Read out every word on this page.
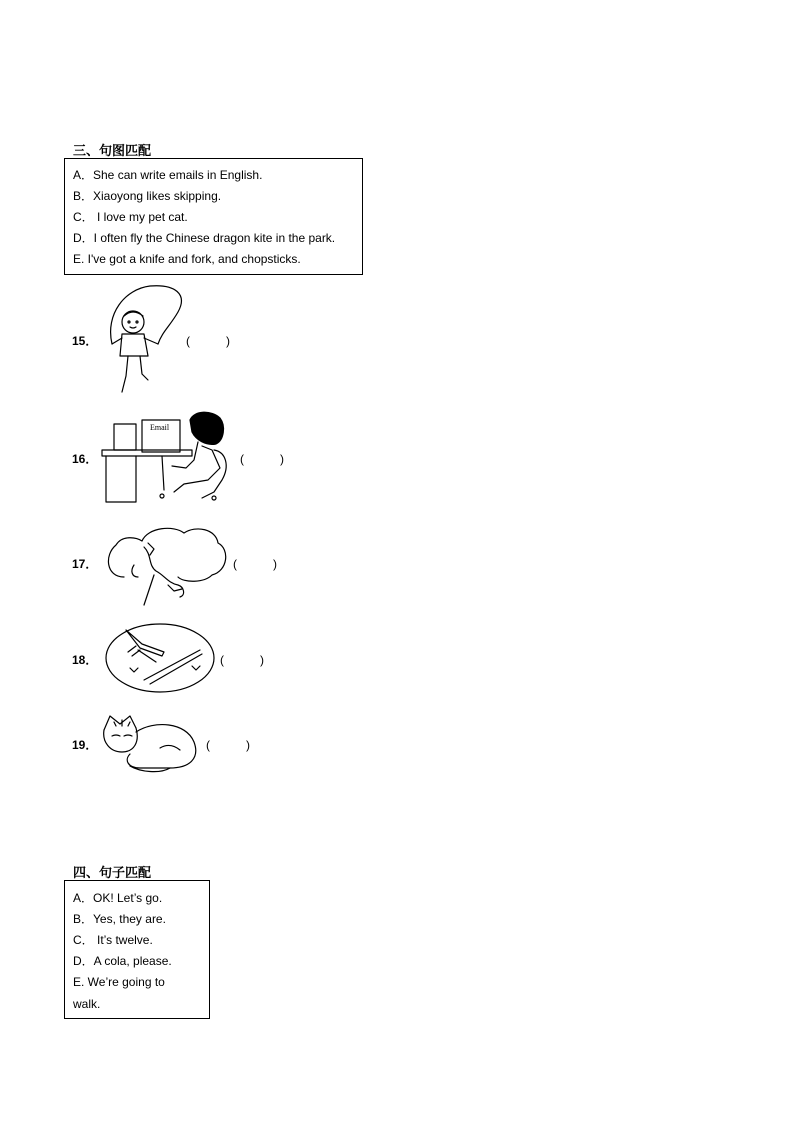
三、句图匹配
A．She can write emails in English.
B．Xiaoyong likes skipping.
C． I love my pet cat.
D．I often fly the Chinese dragon kite in the park.
E. I've got a knife and fork, and chopsticks.
15．	(　　　)
16．
Email
(　　　)
17．	(　　　)
18．	(　　　)
19．	(　　　)
四、句子匹配
A．OK! Let’s go.
B．Yes, they are.
C． It’s twelve.
D．A cola, please.
E. We’re going to
walk.
